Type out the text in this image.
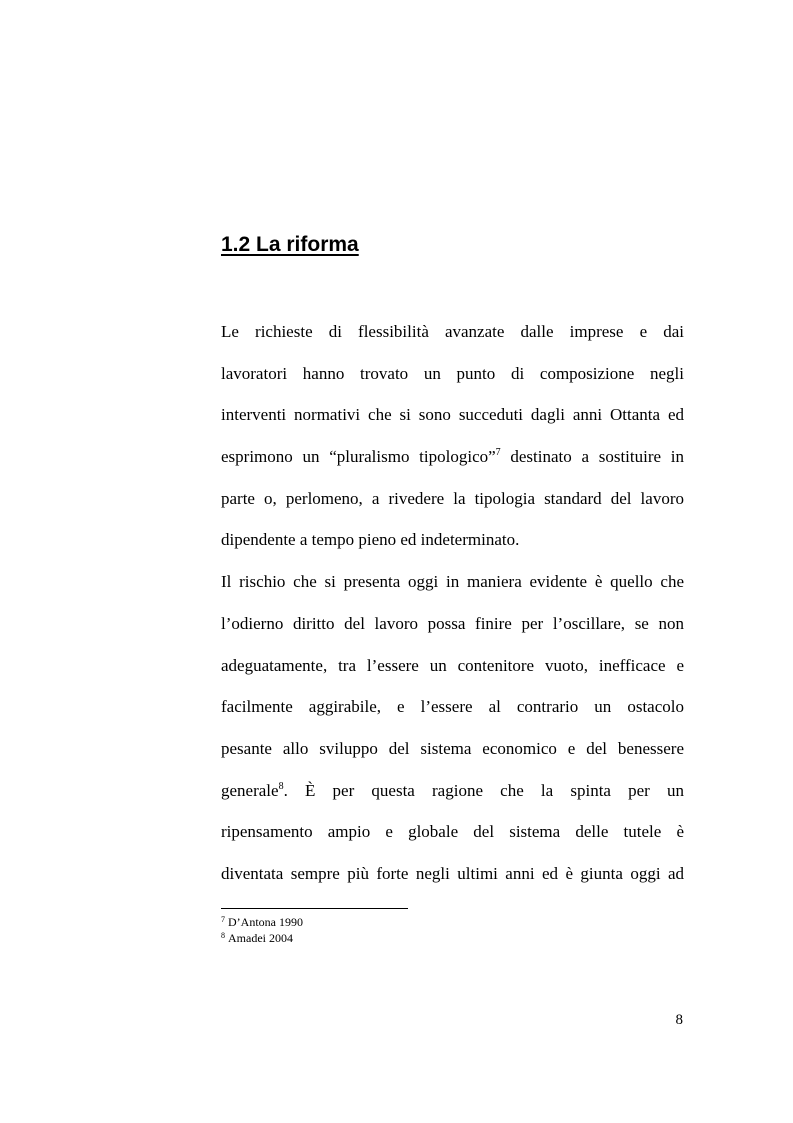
1.2 La riforma
Le richieste di flessibilità avanzate dalle imprese e dai
lavoratori hanno trovato un punto di composizione negli
interventi normativi che si sono succeduti dagli anni Ottanta ed
esprimono un “pluralismo tipologico”$^7$ destinato a sostituire in
parte o, perlomeno, a rivedere la tipologia standard del lavoro
dipendente a tempo pieno ed indeterminato.
Il rischio che si presenta oggi in maniera evidente è quello che
l’odierno diritto del lavoro possa finire per l’oscillare, se non
adeguatamente, tra l’essere un contenitore vuoto, inefficace e
facilmente aggirabile, e l’essere al contrario un ostacolo
pesante allo sviluppo del sistema economico e del benessere
generale$^8$. È per questa ragione che la spinta per un
ripensamento ampio e globale del sistema delle tutele è
diventata sempre più forte negli ultimi anni ed è giunta oggi ad
$^7$ D’Antona 1990
$^8$ Amadei 2004
8
